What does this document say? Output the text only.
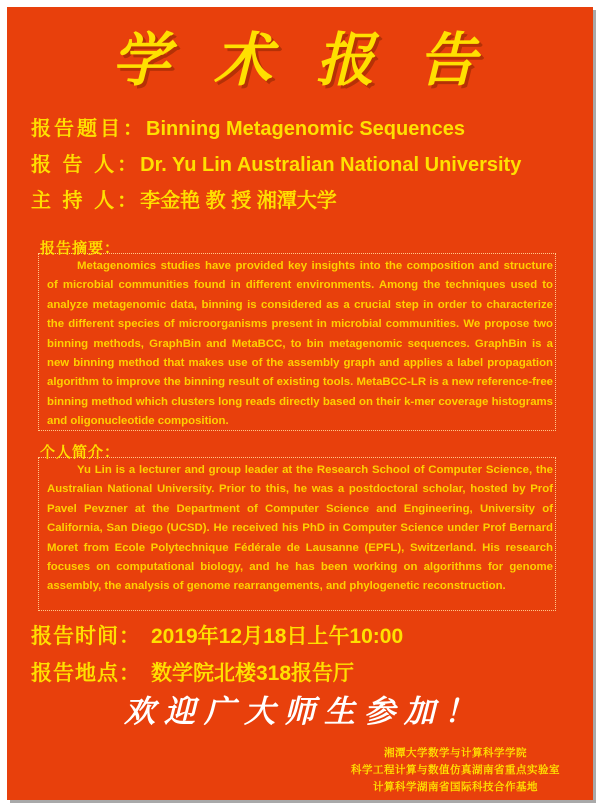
学 术 报 告
报告题目：Binning Metagenomic Sequences
报 告 人：Dr. Yu Lin Australian National University
主 持 人：李金艳 教 授 湘潭大学
报告摘要：
Metagenomics studies have provided key insights into the composition and structure of microbial communities found in different environments. Among the techniques used to analyze metagenomic data, binning is considered as a crucial step in order to characterize the different species of microorganisms present in microbial communities. We propose two binning methods, GraphBin and MetaBCC, to bin metagenomic sequences. GraphBin is a new binning method that makes use of the assembly graph and applies a label propagation algorithm to improve the binning result of existing tools. MetaBCC-LR is a new reference-free binning method which clusters long reads directly based on their k-mer coverage histograms and oligonucleotide composition.
个人简介：
Yu Lin is a lecturer and group leader at the Research School of Computer Science, the Australian National University. Prior to this, he was a postdoctoral scholar, hosted by Prof Pavel Pevzner at the Department of Computer Science and Engineering, University of California, San Diego (UCSD). He received his PhD in Computer Science under Prof Bernard Moret from Ecole Polytechnique Fédérale de Lausanne (EPFL), Switzerland. His research focuses on computational biology, and he has been working on algorithms for genome assembly, the analysis of genome rearrangements, and phylogenetic reconstruction.
报告时间： 2019年12月18日上午10:00
报告地点： 数学院北楼318报告厅
欢迎广大师生参加！
湘潭大学数学与计算科学学院
科学工程计算与数值仿真湖南省重点实验室
计算科学湖南省国际科技合作基地
